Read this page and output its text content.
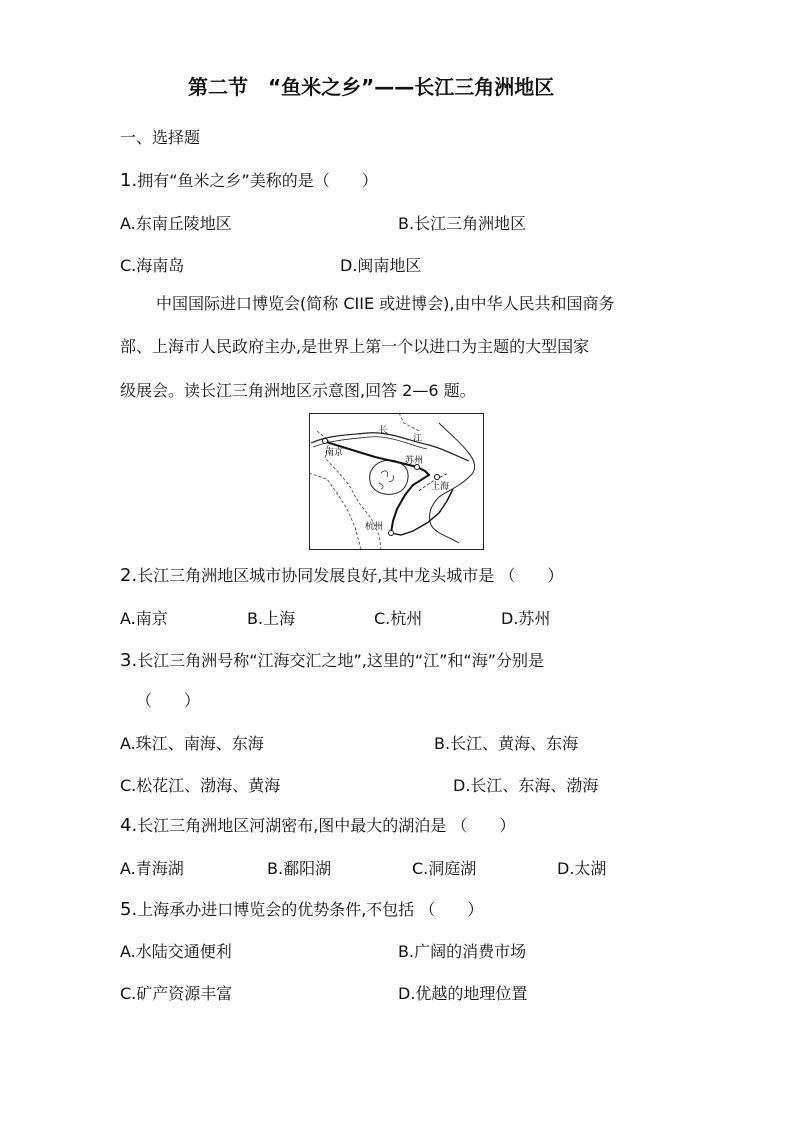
第二节　“鱼米之乡”——长江三角洲地区
一、选择题
1.拥有“鱼米之乡”美称的是（　　）
A.东南丘陵地区	B.长江三角洲地区
C.海南岛	D.闽南地区
中国国际进口博览会(简称 CIIE 或进博会),由中华人民共和国商务
部、上海市人民政府主办,是世界上第一个以进口为主题的大型国家
级展会。读长江三角洲地区示意图,回答 2—6 题。
长
江
南京
苏州
上海
杭州
2.长江三角洲地区城市协同发展良好,其中龙头城市是 （　　）
A.南京	B.上海	C.杭州	D.苏州
3.长江三角洲号称“江海交汇之地”,这里的“江”和“海”分别是
（　　）
A.珠江、南海、东海	B.长江、黄海、东海
C.松花江、渤海、黄海	D.长江、东海、渤海
4.长江三角洲地区河湖密布,图中最大的湖泊是 （　　）
A.青海湖	B.鄱阳湖	C.洞庭湖	D.太湖
5.上海承办进口博览会的优势条件,不包括 （　　）
A.水陆交通便利	B.广阔的消费市场
C.矿产资源丰富	D.优越的地理位置
